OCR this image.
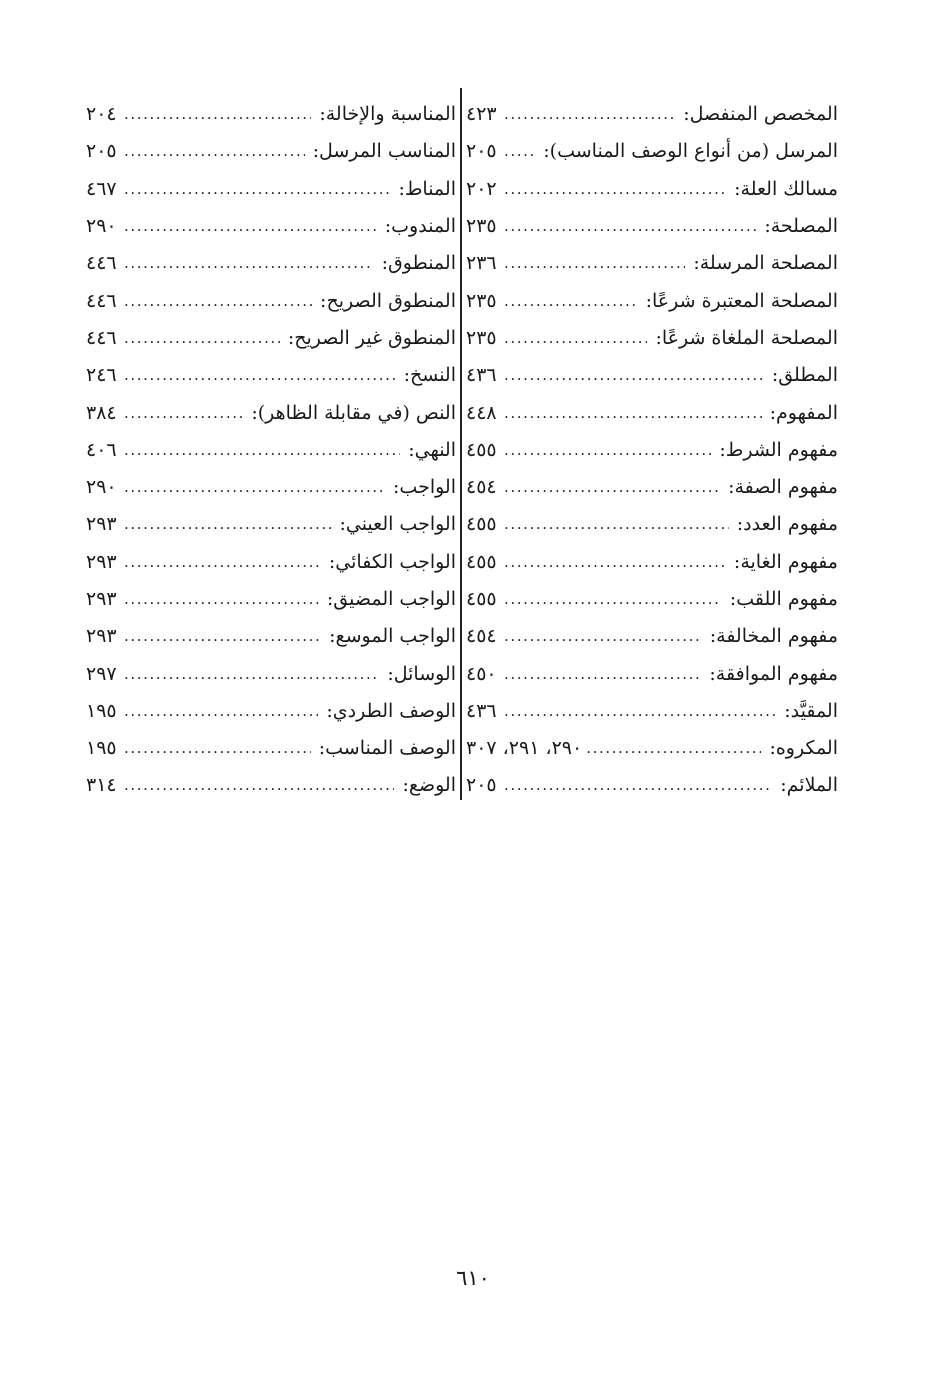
المخصص المنفصل:
.....
٤٢٣
المرسل (من أنواع الوصف المناسب):
.....
٢٠٥
مسالك العلة:
.....
٢٠٢
المصلحة:
.....
٢٣٥
المصلحة المرسلة:
.....
٢٣٦
المصلحة المعتبرة شرعًا:
.....
٢٣٥
المصلحة الملغاة شرعًا:
.....
٢٣٥
المطلق:
.....
٤٣٦
المفهوم:
.....
٤٤٨
مفهوم الشرط:
.....
٤٥٥
مفهوم الصفة:
.....
٤٥٤
مفهوم العدد:
.....
٤٥٥
مفهوم الغاية:
.....
٤٥٥
مفهوم اللقب:
.....
٤٥٥
مفهوم المخالفة:
.....
٤٥٤
مفهوم الموافقة:
.....
٤٥٠
المقيَّد:
.....
٤٣٦
المكروه:
.....
٢٩٠، ٢٩١، ٣٠٧
الملائم:
.....
٢٠٥
المناسبة والإخالة:
.....
٢٠٤
المناسب المرسل:
.....
٢٠٥
المناط:
.....
٤٦٧
المندوب:
.....
٢٩٠
المنطوق:
.....
٤٤٦
المنطوق الصريح:
.....
٤٤٦
المنطوق غير الصريح:
.....
٤٤٦
النسخ:
.....
٢٤٦
النص (في مقابلة الظاهر):
.....
٣٨٤
النهي:
.....
٤٠٦
الواجب:
.....
٢٩٠
الواجب العيني:
.....
٢٩٣
الواجب الكفائي:
.....
٢٩٣
الواجب المضيق:
.....
٢٩٣
الواجب الموسع:
.....
٢٩٣
الوسائل:
.....
٢٩٧
الوصف الطردي:
.....
١٩٥
الوصف المناسب:
.....
١٩٥
الوضع:
.....
٣١٤
٦١٠
